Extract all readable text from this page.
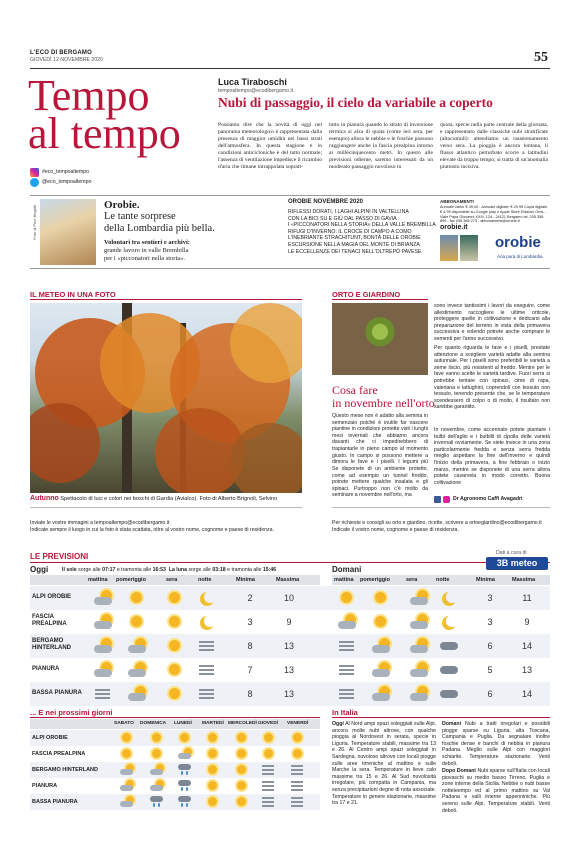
L'ECO DI BERGAMO
GIOVEDÌ 12 NOVEMBRE 2020	55
Tempo
al tempo
#eco_tempoaltempo
@eco_tempoaltempo
Luca Tiraboschi
tempoaltempo@ecodibergamo.it
Nubi di passaggio, il cielo da variabile a coperto
Possiamo dire che la novità di oggi nel panorama meteorologico è rappresentata dalla presenza di maggior umidità nei bassi strati dell'atmosfera. In questa stagione e in condizioni anticicloniche è del tutto normale; l'assenza di ventilazione impedisce il ricambio d'aria che rimane intrappolata sopratt-
tutto in pianura quando lo strato di inversione termica si alza di quota (come ieri sera, per esempio) allora le nebbie e le foschie possono raggiungere anche la fascia prealpina intorno ai millecinquecento metri. In questo alle previsioni odierne, saremo interessati da un moderato passaggio nuvoloso in
quota, specie nella parte centrale della giornata, e rappresentato dalle classiche nubi stratificate (altocumuli): attendiamo un rasserenamento verso sera. La pioggia è ancora lontana, il flusso atlantico perturbato scorre a latitudini elevate da troppo tempo; si tratta di un'anomalia piuttosto incisiva.
Foto di Pino Brigatti	Orobie.
Le tante sorprese
della Lombardia più bella.
Volontari tra sentieri e archivi:
grande lavoro in valle Brembilla
per i «picconatori nella storia».
OROBIE NOVEMBRE 2020
RIFLESSI DORATI, I LAGHI ALPINI IN VALTELLINA
CON LA BICI SU E GIÙ DAL PASSO DI GAVIA
I «PICCONATORI NELLA STORIA» DELLA VALLE BREMBILLA
RIFUGI D'INVERNO: IL CROCE DI CAMPO A COMO
L'INEBRIANTE STRACHITUNT, BONTÀ DELLE OROBIE
ESCURSIONE NELLA MAGIA DEL MONTE DI BRIANZA
LE ECCELLENZE DEI TENACI NELL'OLTREPÒ PAVESE
ABBONAMENTI
Annuale carta: € 49,00 - Annuale digitale: € 29,99 Copia digitale € 4,99 disponibile su Google play e Apple Store Edizioni Oros - Viale Papa Giovanni XXIII, 124 - 24121 Bergamo tel. 035 358 899 - fax 035 386 273 - abbonamenti@orobie.it
orobie.it
orobie
Aria pura di Lombardia
IL METEO IN UNA FOTO
Autunno Spettacolo di luci e colori nei boschi di Gardia (Avialco). Foto di Alberto Brignoli, Selvino
Inviate le vostre immagini a tempoaltempo@ecodibergamo.it
Indicate sempre il luogo in cui la foto è stata scattata, oltre al vostro nome, cognome e paese di residenza.
ORTO E GIARDINO
Cosa fare
in novembre nell'orto
Questo mese non è adatto alla semina in semenzaio poiché è inutile far nascere piantine in condizioni protette visti i lunghi mesi invernali che abbiamo ancora davanti che ci impedirebbero di trapiantarle in pieno campo al momento giusto. In campo si possono mettere a dimora le fave e i piselli. I legumi più
Se disponete di un ambiente protetto, come ad esempio un tunnel freddo, potrete mettere qualche insalata e gli spinaci. Purtroppo non c'è molto da seminare a novembre nell'orto, ma
sono invece tantissimi i lavori da eseguire, come allestimento raccogliere le ultime orticole, proteggere quelle in coltivazione e dedicarsi alla preparazione del terreno in vista della primavera successiva e volendo potrete anche comprare le sementi per l'anno successivo.
Per quanto riguarda le fave e i piselli, prestate attenzione a scegliere varietà adatte alla semina autunnale. Per i piselli sono preferibili le varietà a seme liscio, più resistenti al freddo. Mentre per le fave vanno scelte le varietà tardive. Fuori serra si potrebbe tentare con spinaci, cime di rapa, valeriana e lattughini, coprendoli con tessuto non tessuto, tenendo presente che, se le temperature scendessero di colpo o di molto, il risultato non sarebbe garantito.
In novembre, come accennato potete piantare i bulbi dell'aglio e i bulbilli di cipolla delle varietà invernali ovviamente. Se siete invece in una zona particolarmente fredda e senza serra fredda meglio aspettare la fine dell'inverno e quindi l'inizio della primavera, a fine febbraio o inizio marzo, mentre se disponete di una serra allora potete cavarvela in modo corretto. Buona coltivazione
Dr Agronomo Caffi Avagadri
Per richieste e consigli su orto e giardino, ricette, scrivere a ortoegiardino@ecodibergamo.it
Indicate il vostro nome, cognome e paese di residenza.
LE PREVISIONI	Dati a cura di
3B meteo
Oggi	Il sole sorge alle 07:17 e tramonta alle 16:53 La luna sorge alle 03:18 e tramonta alle 15:46	Domani
mattina pomeriggio	sera	notte	Minima	Massima	mattina pomeriggio	sera	notte	Minima	Massima
ALPI OROBIE	2	10	3	11
FASCIA PREALPINA	3	9	3	9
BERGAMO HINTERLAND	8	13	6	14
PIANURA	7	13	5	13
BASSA PIANURA	8	13	6	14
... E nei prossimi giorni
SABATO DOMENICA LUNEDÌ MARTEDÌ MERCOLEDÌ GIOVEDÌ VENERDÌ
ALPI OROBIE
FASCIA PREALPINA
BERGAMO HINTERLAND
PIANURA
BASSA PIANURA
In Italia
Oggi Al Nord ampi spazi soleggiati sulle Alpi, ancora molte nubi altrove, con qualche pioggia al Nordovest in serata, specie in Liguria. Temperature stabili, massime tra 13 e 26. Al Centro ampi spazi soleggiati in Sardegna, nuvoloso altrove con locali piogge sulle aree tirreniche al mattino e sulle Marche la sera. Temperature in lieve calo massime tra 15 e 26. Al Sud nuvolosità irregolare, più compatta in Campania, ma senza precipitazioni degne di nota associate. Temperature in genere stazionarie, massime tra 17 e 21.
Domani Nubi a tratti irregolari e possibili piogge sparse su Liguria, alta Toscana, Campania e Puglia. Da segnalare inoltre foschie dense e banchi di nebbia in pianura Padana. Meglio sulle Alpi con maggiori schiarite. Temperature stazionarie. Venti deboli.
Dopo Domani Nubi sparse sull'Italia con locali piovaschi su medio basso Tirreno, Puglia e zone interne della Sicilia. Nebbie o nubi basse notteteempo ed al primo mattino su Val Padana e valli interne appenniniche. Più sereno sulle Alpi. Temperature stabili. Venti deboli.
